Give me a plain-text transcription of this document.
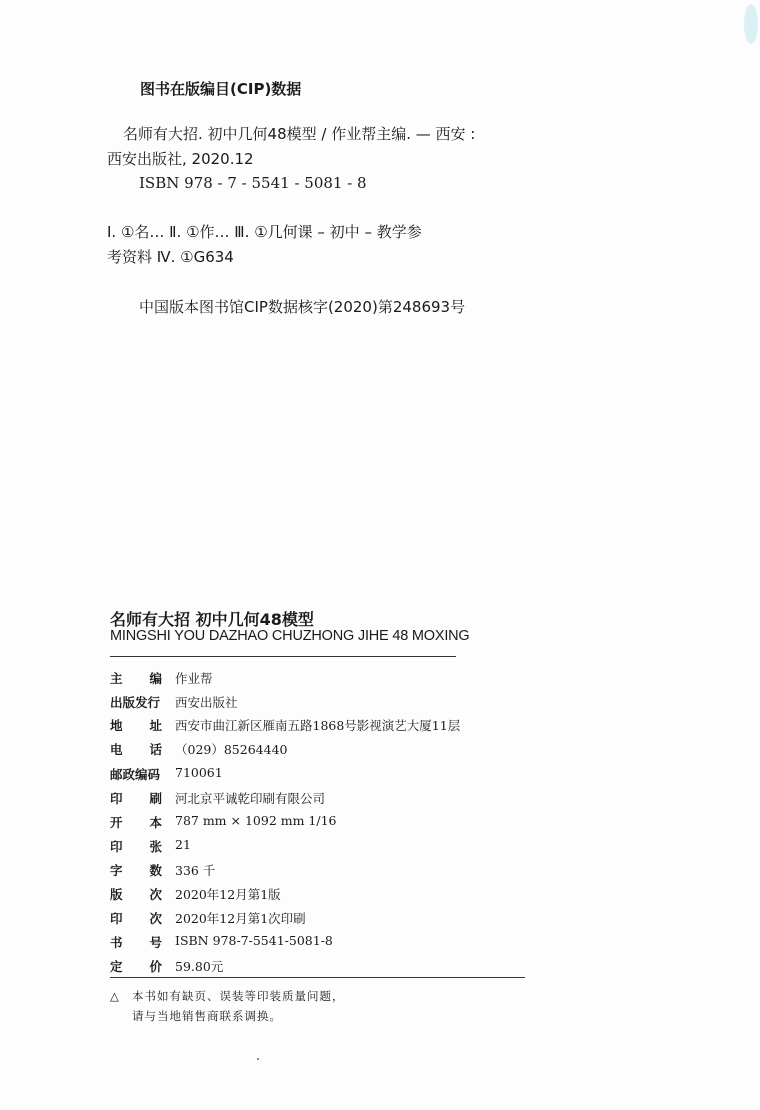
图书在版编目(CIP)数据
名师有大招. 初中几何48模型 / 作业帮主编. — 西安 :
西安出版社, 2020.12
ISBN 978 - 7 - 5541 - 5081 - 8
Ⅰ. ①名… Ⅱ. ①作… Ⅲ. ①几何课 – 初中 – 教学参
考资料 Ⅳ. ①G634
中国版本图书馆CIP数据核字(2020)第248693号
名师有大招 初中几何48模型
MINGSHI YOU DAZHAO CHUZHONG JIHE 48 MOXING
主 编 作业帮
出版发行 西安出版社
地 址 西安市曲江新区雁南五路1868号影视演艺大厦11层
电 话 （029）85264440
邮政编码 710061
印 刷 河北京平诚乾印刷有限公司
开 本 787 mm × 1092 mm 1/16
印 张 21
字 数 336 千
版 次 2020年12月第1版
印 次 2020年12月第1次印刷
书 号 ISBN 978-7-5541-5081-8
定 价 59.80元
△ 本书如有缺页、误装等印装质量问题，
请与当地销售商联系调换。
